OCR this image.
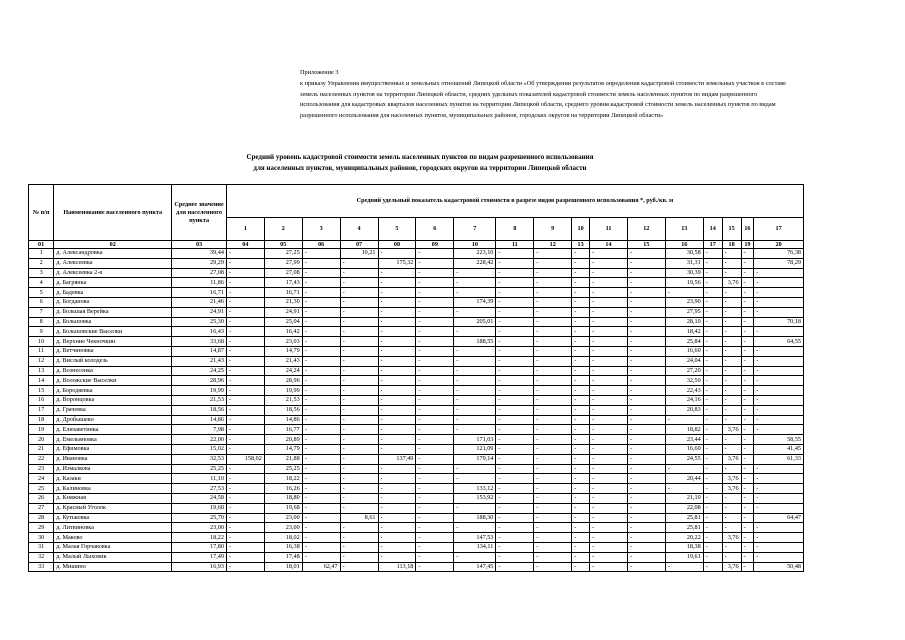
Приложение 3
к приказу Управления имущественных и земельных отношений Липецкой области «Об утверждении результатов определения кадастровой стоимости земельных участков в составе земель населенных пунктов на территории Липецкой области, средних удельных показателей кадастровой стоимости земель населенных пунктов по видам разрешенного использования для кадастровых кварталов населенных пунктов на территории Липецкой области, среднего уровня кадастровой стоимости земель населенных пунктов по видам разрешенного использования для населенных пунктов, муниципальных районов, городских округов на территории Липецкой области»
Средний уровень кадастровой стоимости земель населенных пунктов по видам разрешенного использования
для населенных пунктов, муниципальных районов, городских округов на территории Липецкой области
№ п/п	Наименование населенного пункта	Среднее значение для населенного пункта	Средний удельный показатель кадастровой стоимости в разрезе видов разрешенного использования *, руб./кв. м																
			1	2	3	4	5	6	7	8	9	10	11	12	13	14	15	16	17
01	02	03	04	05	06	07	08	09	10	11	12	13	14	15	16	17	18	19	20
1	д. Александровка	39,44	-	27,25	-	10,21	-	-	223,10	-	-	-	-	-	30,58	-	-	-	76,38
2	д. Алексеевка	29,29	-	27,99	-	-	175,32	-	228,42	-	-	-	-	-	31,31	-	-	-	78,29
3	д. Алексеевка 2-я	27,08	-	27,08	-	-	-	-	-	-	-	-	-	-	30,39	-	-	-	-
4	д. Багрянка	11,86	-	17,43	-	-	-	-	-	-	-	-	-	-	19,56	-	3,76	-	-
5	д. Бадевка	16,71	-	16,71	-	-	-	-	-	-	-	-	-	-	-	-	-	-	-
6	д. Богданова	21,46	-	21,30	-	-	-	-	174,39	-	-	-	-	-	23,90	-	-	-	-
7	д. Большая Верейка	24,91	-	24,91	-	-	-	-	-	-	-	-	-	-	27,95	-	-	-	-
8	д. Большовка	25,30	-	25,04	-	-	-	-	205,01	-	-	-	-	-	28,10	-	-	-	70,18
9	д. Большовские Выселки	16,43	-	16,42	-	-	-	-	-	-	-	-	-	-	18,42	-	-	-	-
10	д. Верхние Чекночкин	33,68	-	23,03	-	-	-	-	188,55	-	-	-	-	-	25,84	-	-	-	64,55
11	д. Ветчиновка	14,87	-	14,79	-	-	-	-	-	-	-	-	-	-	16,60	-	-	-	-
12	д. Вислый колодезь	21,43	-	21,43	-	-	-	-	-	-	-	-	-	-	24,04	-	-	-	-
13	д. Вознесенка	24,25	-	24,24	-	-	-	-	-	-	-	-	-	-	27,20	-	-	-	-
14	д. Воложские Выселки	28,96	-	28,96	-	-	-	-	-	-	-	-	-	-	32,50	-	-	-	-
15	д. Бородяевка	19,99	-	19,99	-	-	-	-	-	-	-	-	-	-	22,43	-	-	-	-
16	д. Воронцовка	21,53	-	21,53	-	-	-	-	-	-	-	-	-	-	24,16	-	-	-	-
17	д. Грачевка	18,56	-	18,56	-	-	-	-	-	-	-	-	-	-	20,83	-	-	-	-
18	д. Дробышево	14,86	-	14,86	-	-	-	-	-	-	-	-	-	-	-	-	-	-	-
19	д. Елизаветинка	7,98	-	16,77	-	-	-	-	-	-	-	-	-	-	18,82	-	3,76	-	-
20	д. Емельяновка	22,00	-	20,89	-	-	-	-	171,03	-	-	-	-	-	23,44	-	-	-	58,55
21	д. Ефимовка	15,02	-	14,79	-	-	-	-	121,09	-	-	-	-	-	16,60	-	-	-	41,45
22	д. Ивановка	32,53	158,02	21,88	-	-	137,49	-	179,14	-	-	-	-	-	24,55	-	3,76	-	61,33
23	д. Измалкова	25,25	-	25,25	-	-	-	-	-	-	-	-	-	-	-	-	-	-	-
24	д. Казаки	11,10	-	18,22	-	-	-	-	-	-	-	-	-	-	20,44	-	3,76	-	-
25	д. Калиновка	27,53	-	16,26	-	-	-	-	133,12	-	-	-	-	-	-	-	3,76	-	-
26	д. Княжная	24,58	-	18,80	-	-	-	-	153,92	-	-	-	-	-	21,10	-	-	-	-
27	д. Красный Уголок	19,68	-	19,68	-	-	-	-	-	-	-	-	-	-	22,08	-	-	-	-
28	д. Кутьковка	25,70	-	23,00	-	8,61	-	-	188,30	-	-	-	-	-	25,81	-	-	-	64,47
29	д. Литвиновка	23,00	-	23,00	-	-	-	-	-	-	-	-	-	-	25,81	-	-	-	-
30	д. Маково	18,22	-	18,02	-	-	-	-	147,53	-	-	-	-	-	20,22	-	3,76	-	-
31	д. Малая Горчаковка	17,80	-	16,38	-	-	-	-	134,11	-	-	-	-	-	18,38	-	-	-	-
32	д. Малый Лыховик	17,49	-	17,48	-	-	-	-	-	-	-	-	-	-	19,61	-	-	-	-
33	д. Мишино	16,93	-	18,01	62,47	-	113,18	-	147,45	-	-	-	-	-	-	-	3,76	-	50,48
